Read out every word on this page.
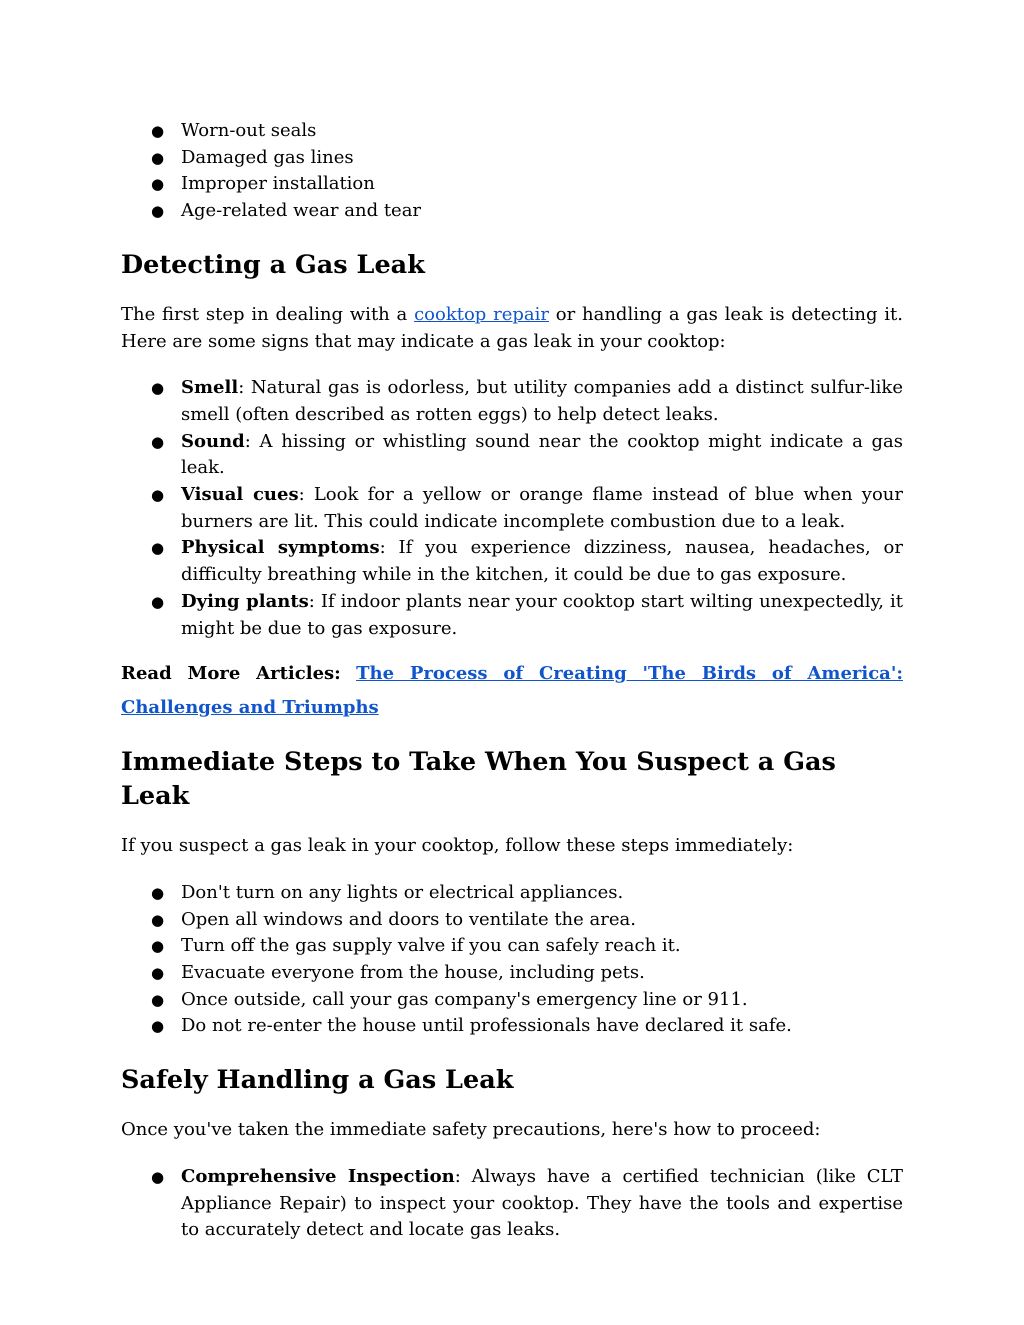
● Worn-out seals
● Damaged gas lines
● Improper installation
● Age-related wear and tear
Detecting a Gas Leak

The first step in dealing with a cooktop repair or handling a gas leak is detecting it. Here are some signs that may indicate a gas leak in your cooktop:

● Smell: Natural gas is odorless, but utility companies add a distinct sulfur-like smell (often described as rotten eggs) to help detect leaks.
● Sound: A hissing or whistling sound near the cooktop might indicate a gas leak.
● Visual cues: Look for a yellow or orange flame instead of blue when your burners are lit. This could indicate incomplete combustion due to a leak.
● Physical symptoms: If you experience dizziness, nausea, headaches, or difficulty breathing while in the kitchen, it could be due to gas exposure.
● Dying plants: If indoor plants near your cooktop start wilting unexpectedly, it might be due to gas exposure.

Read More Articles: The Process of Creating 'The Birds of America': Challenges and Triumphs

Immediate Steps to Take When You Suspect a Gas Leak

If you suspect a gas leak in your cooktop, follow these steps immediately:

● Don't turn on any lights or electrical appliances.
● Open all windows and doors to ventilate the area.
● Turn off the gas supply valve if you can safely reach it.
● Evacuate everyone from the house, including pets.
● Once outside, call your gas company's emergency line or 911.
● Do not re-enter the house until professionals have declared it safe.
Safely Handling a Gas Leak

Once you've taken the immediate safety precautions, here's how to proceed:

● Comprehensive Inspection: Always have a certified technician (like CLT Appliance Repair) to inspect your cooktop. They have the tools and expertise to accurately detect and locate gas leaks.
